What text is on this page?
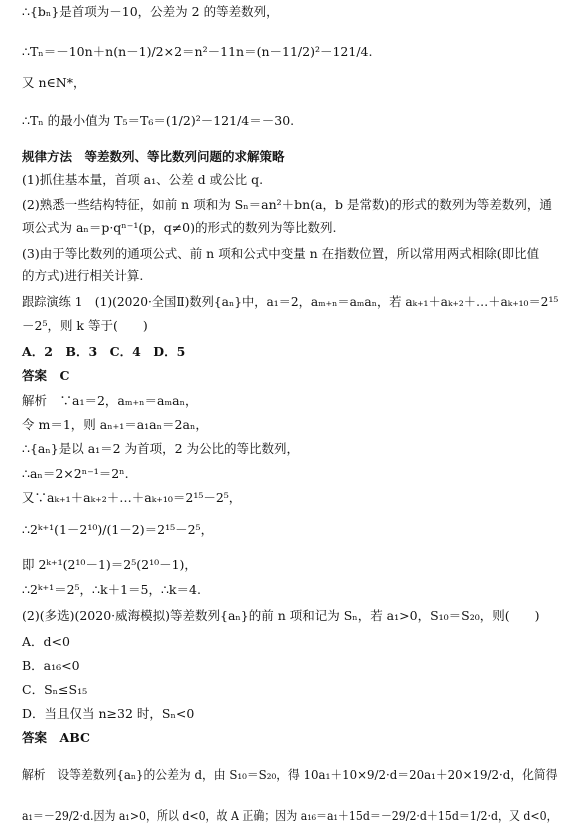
∴{bₙ}是首项为－10，公差为 2 的等差数列，
∴Tₙ＝－10n＋n(n－1)/2×2＝n²－11n＝(n－11/2)²－121/4.
又 n∈N*，
∴Tₙ 的最小值为 T₅＝T₆＝(1/2)²－121/4＝－30.
规律方法　等差数列、等比数列问题的求解策略
(1)抓住基本量，首项 a₁、公差 d 或公比 q.
(2)熟悉一些结构特征，如前 n 项和为 Sₙ＝an²＋bn(a，b 是常数)的形式的数列为等差数列，通
项公式为 aₙ＝p·qⁿ⁻¹(p，q≠0)的形式的数列为等比数列.
(3)由于等比数列的通项公式、前 n 项和公式中变量 n 在指数位置，所以常用两式相除(即比值
的方式)进行相关计算.
跟踪演练 1　(1)(2020·全国Ⅱ)数列{aₙ}中，a₁＝2，aₘ₊ₙ＝aₘaₙ，若 aₖ₊₁＋aₖ₊₂＋…＋aₖ₊₁₀＝2¹⁵
－2⁵，则 k 等于(　　)
A．2　B．3　C．4　D．5
答案　C
解析　∵a₁＝2，aₘ₊ₙ＝aₘaₙ，
令 m＝1，则 aₙ₊₁＝a₁aₙ＝2aₙ，
∴{aₙ}是以 a₁＝2 为首项，2 为公比的等比数列，
∴aₙ＝2×2ⁿ⁻¹＝2ⁿ.
又∵aₖ₊₁＋aₖ₊₂＋…＋aₖ₊₁₀＝2¹⁵－2⁵，
∴2ᵏ⁺¹(1－2¹⁰)/(1－2)＝2¹⁵－2⁵，
即 2ᵏ⁺¹(2¹⁰－1)＝2⁵(2¹⁰－1)，
∴2ᵏ⁺¹＝2⁵，∴k＋1＝5，∴k＝4.
(2)(多选)(2020·威海模拟)等差数列{aₙ}的前 n 项和记为 Sₙ，若 a₁>0，S₁₀＝S₂₀，则(　　)
A．d<0
B．a₁₆<0
C．Sₙ≤S₁₅
D．当且仅当 n≥32 时，Sₙ<0
答案　ABC
解析　设等差数列{aₙ}的公差为 d，由 S₁₀＝S₂₀，得 10a₁＋10×9/2·d＝20a₁＋20×19/2·d，化简得
a₁＝－29/2·d.因为 a₁>0，所以 d<0，故 A 正确；因为 a₁₆＝a₁＋15d＝－29/2·d＋15d＝1/2·d，又 d<0，
